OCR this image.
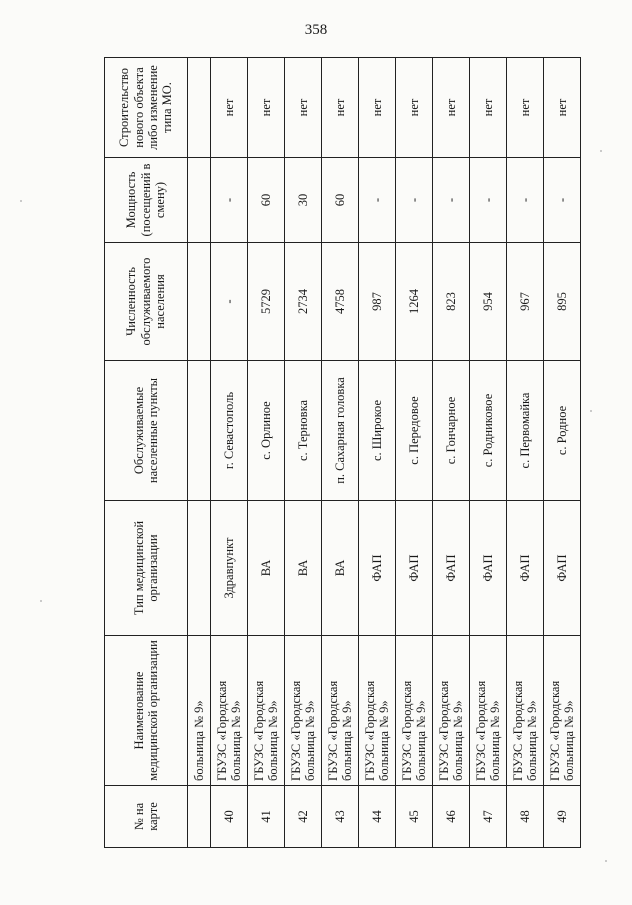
358
№ на карте	Наименование медицинской организации	Тип медицинской организации	Обслуживаемые населенные пункты	Численность обслуживаемого населения	Мощность (посещений в смену)	Строительство нового объекта либо изменение типа МО.
	больница № 9»					
40	ГБУЗС «Городская больница № 9»	Здравпункт	г. Севастополь	-	-	нет
41	ГБУЗС «Городская больница № 9»	ВА	с. Орлиное	5729	60	нет
42	ГБУЗС «Городская больница № 9»	ВА	с. Терновка	2734	30	нет
43	ГБУЗС «Городская больница № 9»	ВА	п. Сахарная головка	4758	60	нет
44	ГБУЗС «Городская больница № 9»	ФАП	с. Широкое	987	-	нет
45	ГБУЗС «Городская больница № 9»	ФАП	с. Передовое	1264	-	нет
46	ГБУЗС «Городская больница № 9»	ФАП	с. Гончарное	823	-	нет
47	ГБУЗС «Городская больница № 9»	ФАП	с. Родниковое	954	-	нет
48	ГБУЗС «Городская больница № 9»	ФАП	с. Первомайка	967	-	нет
49	ГБУЗС «Городская больница № 9»	ФАП	с. Родное	895	-	нет
